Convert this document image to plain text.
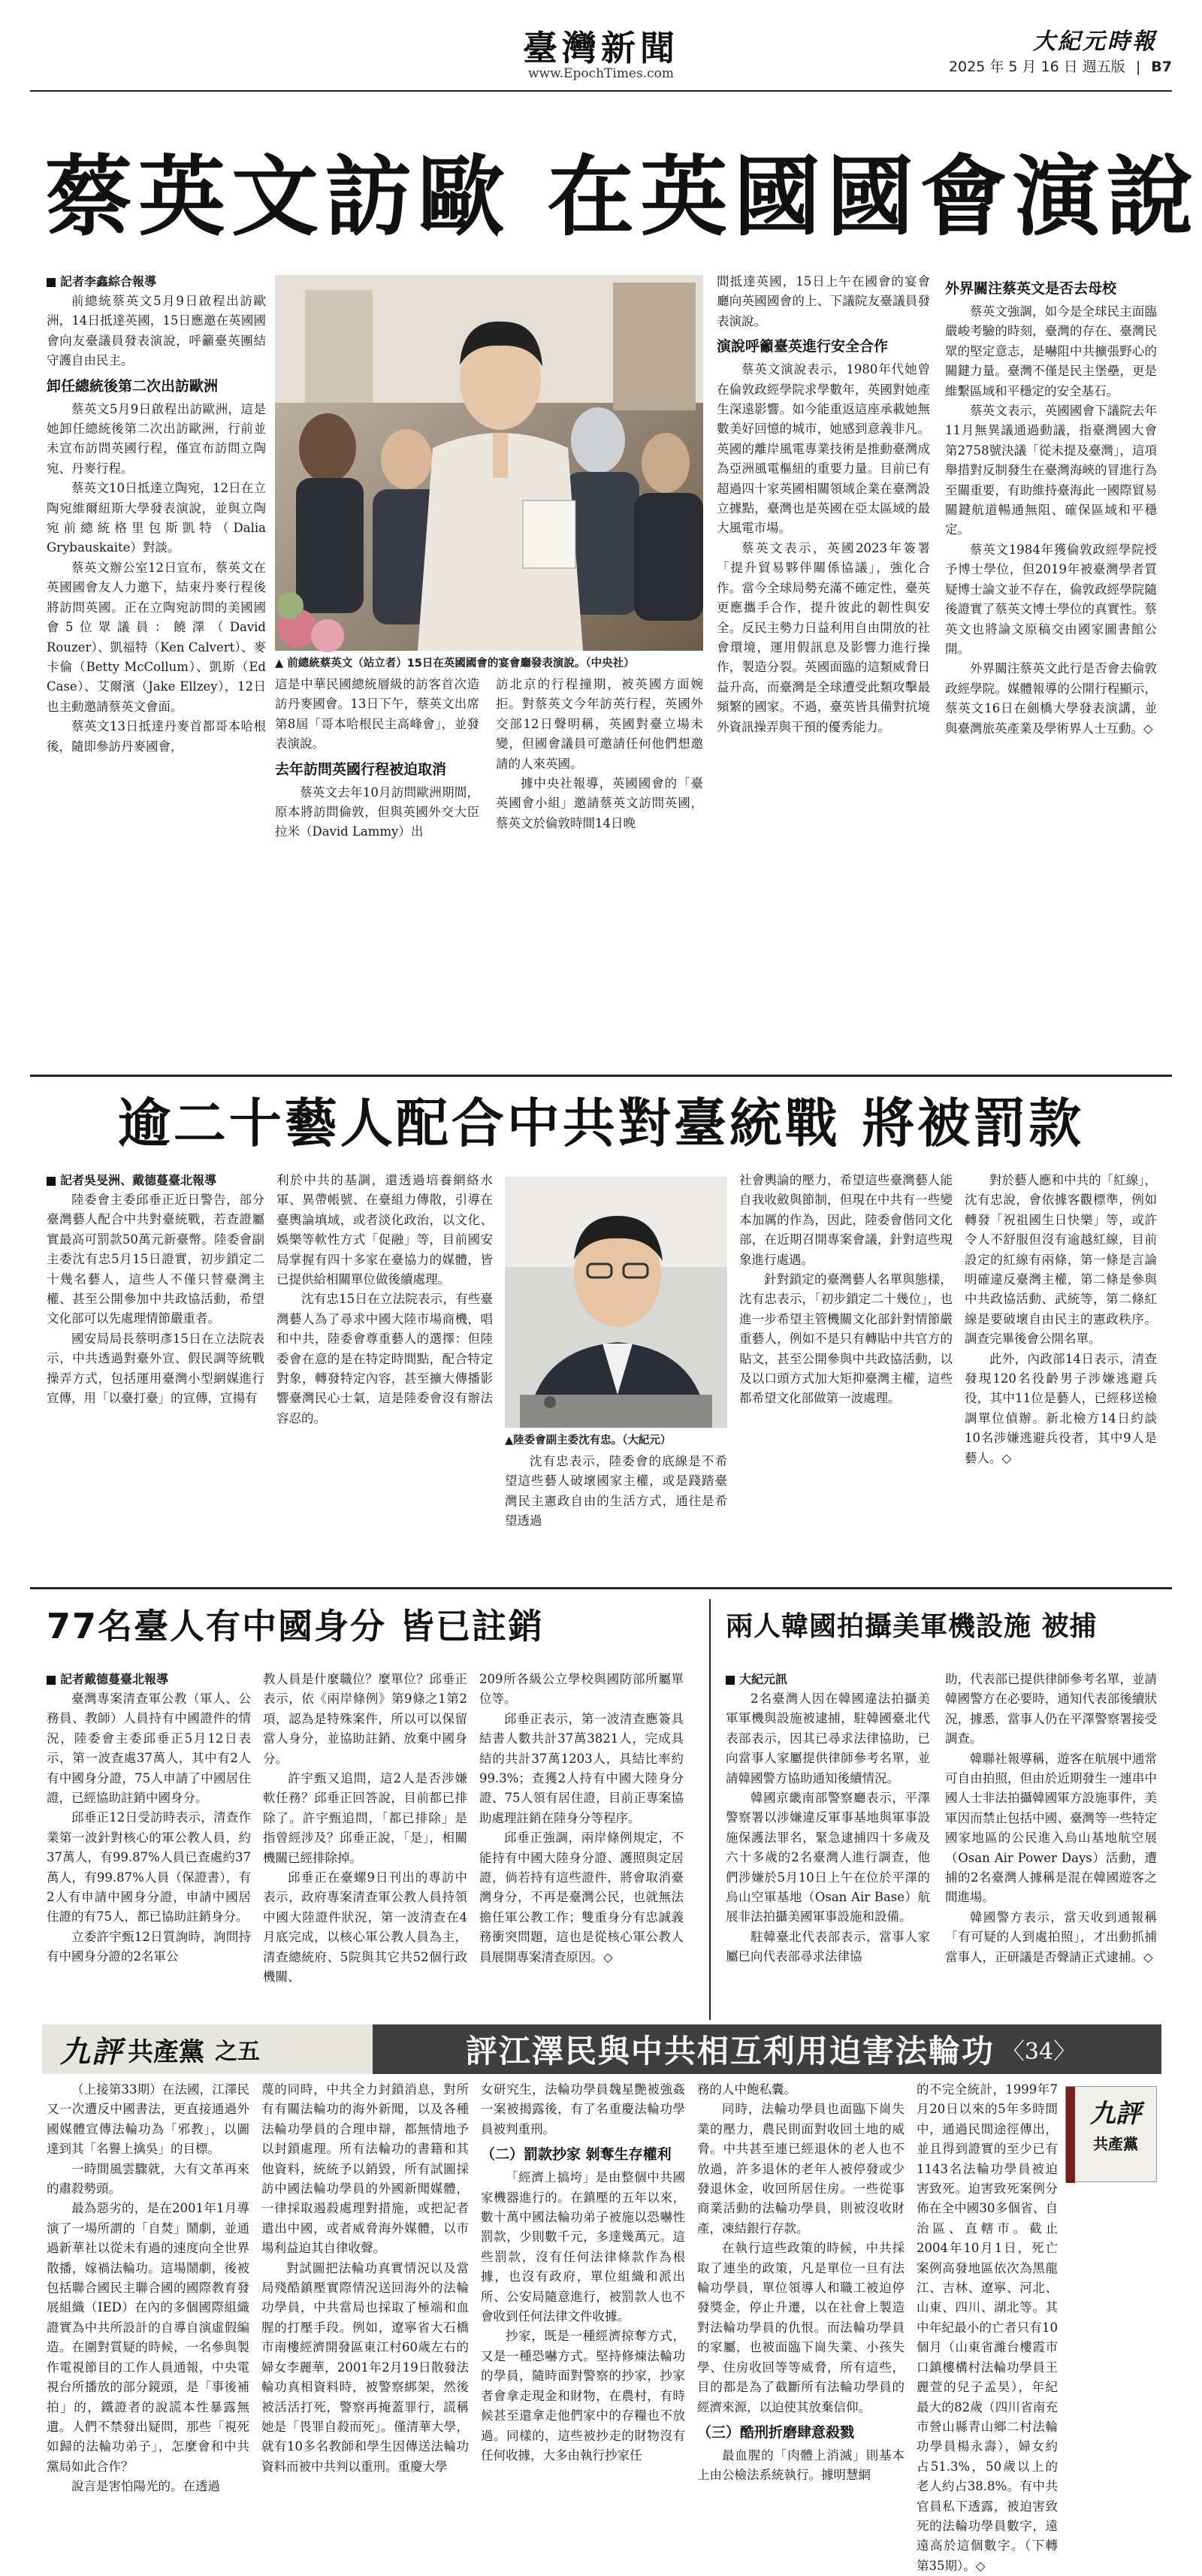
臺灣新聞
www.EpochTimes.com
大紀元時報
2025 年 5 月 16 日 週五版 | B7
蔡英文訪歐 在英國國會演說
記者李鑫綜合報導

前總統蔡英文5月9日啟程出訪歐洲，14日抵達英國，15日應邀在英國國會向友臺議員發表演說，呼籲臺英團結守護自由民主。

卸任總統後第二次出訪歐洲

蔡英文5月9日啟程出訪歐洲，這是她卸任總統後第二次出訪歐洲，行前並未宣布訪問英國行程，僅宣布訪問立陶宛、丹麥行程。

蔡英文10日抵達立陶宛，12日在立陶宛維爾紐斯大學發表演說，並與立陶宛前總統格里包斯凱特（Dalia Grybauskaite）對談。

蔡英文辦公室12日宣布，蔡英文在英國國會友人力邀下，結束丹麥行程後將訪問英國。正在立陶宛訪問的美國國會5位眾議員：饒澤（David Rouzer）、凱福特（Ken Calvert）、麥卡倫（Betty McCollum）、凱斯（Ed Case）、艾爾濱（Jake Ellzey），12日也主動邀請蔡英文會面。

蔡英文13日抵達丹麥首都哥本哈根後，隨即參訪丹麥國會，

▲ 前總統蔡英文（站立者）15日在英國國會的宴會廳發表演說。（中央社）

這是中華民國總統層級的訪客首次造訪丹麥國會。13日下午，蔡英文出席第8屆「哥本哈根民主高峰會」，並發表演說。

去年訪問英國行程被迫取消

蔡英文去年10月訪問歐洲期間，原本將訪問倫敦，但與英國外交大臣拉米（David Lammy）出

訪北京的行程撞期，被英國方面婉拒。對蔡英文今年訪英行程，英國外交部12日聲明稱，英國對臺立場未變，但國會議員可邀請任何他們想邀請的人來英國。

據中央社報導，英國國會的「臺英國會小組」邀請蔡英文訪問英國，蔡英文於倫敦時間14日晚

間抵達英國，15日上午在國會的宴會廳向英國國會的上、下議院友臺議員發表演說。

演說呼籲臺英進行安全合作

蔡英文演說表示，1980年代她曾在倫敦政經學院求學數年，英國對她產生深遠影響。如今能重返這座承載她無數美好回憶的城市，她感到意義非凡。英國的離岸風電專業技術是推動臺灣成為亞洲風電樞紐的重要力量。目前已有超過四十家英國相關領域企業在臺灣設立據點，臺灣也是英國在亞太區域的最大風電市場。

蔡英文表示，英國2023年簽署「提升貿易夥伴關係協議」，強化合作。當今全球局勢充滿不確定性，臺英更應攜手合作，提升彼此的韌性與安全。反民主勢力日益利用自由開放的社會環境，運用假訊息及影響力進行操作，製造分裂。英國面臨的這類威脅日益升高，而臺灣是全球遭受此類攻擊最頻繁的國家。不過，臺英皆具備對抗境外資訊操弄與干預的優秀能力。

外界關注蔡英文是否去母校

蔡英文強調，如今是全球民主面臨嚴峻考驗的時刻，臺灣的存在、臺灣民眾的堅定意志，是嚇阻中共擴張野心的關鍵力量。臺灣不僅是民主堡壘，更是維繫區域和平穩定的安全基石。

蔡英文表示，英國國會下議院去年11月無異議通過動議，指臺灣國大會第2758號決議「從未提及臺灣」，這項舉措對反制發生在臺灣海峽的冒進行為至關重要，有助維持臺海此一國際貿易關鍵航道暢通無阻、確保區域和平穩定。

蔡英文1984年獲倫敦政經學院授予博士學位，但2019年被臺灣學者質疑博士論文並不存在，倫敦政經學院隨後證實了蔡英文博士學位的真實性。蔡英文也將論文原稿交由國家圖書館公開。

外界關注蔡英文此行是否會去倫敦政經學院。媒體報導的公開行程顯示，蔡英文16日在劍橋大學發表演講，並與臺灣旅英產業及學術界人士互動。◇

逾二十藝人配合中共對臺統戰 將被罰款
記者吳旻洲、戴德蔓臺北報導

陸委會主委邱垂正近日警告，部分臺灣藝人配合中共對臺統戰，若查證屬實最高可罰款50萬元新臺幣。陸委會副主委沈有忠5月15日證實，初步鎖定二十幾名藝人，這些人不僅只替臺灣主權、甚至公開參加中共政協活動，希望文化部可以先處理情節嚴重者。

國安局局長蔡明彥15日在立法院表示，中共透過對臺外宣、假民調等統戰操弄方式，包括運用臺灣小型網媒進行宣傳，用「以臺打臺」的宣傳，宣揚有

利於中共的基調，還透過培養網絡水軍、異帶帳號、在臺組力傳散，引導在臺輿論填域，或者淡化政治，以文化、娛樂等軟性方式「促融」等，目前國安局掌握有四十多家在臺協力的媒體，皆已提供給相關單位做後續處理。

沈有忠15日在立法院表示，有些臺灣藝人為了尋求中國大陸市場商機，唱和中共，陸委會尊重藝人的選擇：但陸委會在意的是在特定時間點，配合特定對象，轉發特定內容，甚至擴大傳播影響臺灣民心士氣，這是陸委會沒有辦法容忍的。

▲陸委會副主委沈有忠。（大紀元）

沈有忠表示，陸委會的底線是不希望這些藝人破壞國家主權，或是踐踏臺灣民主憲政自由的生活方式，通往是希望透過

社會輿論的壓力，希望這些臺灣藝人能自我收斂與節制，但現在中共有一些變本加厲的作為，因此，陸委會偕同文化部，在近期召開專案會議，針對這些現象進行處遇。

針對鎖定的臺灣藝人名單與態樣，沈有忠表示，「初步鎖定二十幾位」，也進一步希望主管機關文化部針對情節嚴重藝人，例如不是只有轉貼中共官方的貼文，甚至公開參與中共政協活動，以及以口頭方式加大矩抑臺灣主權，這些都希望文化部做第一波處理。

對於藝人應和中共的「紅線」，沈有忠說，會依據客觀標準，例如轉發「祝祖國生日快樂」等，或許令人不舒服但沒有逾越紅線，目前設定的紅線有兩條，第一條是言論明確違反臺灣主權，第二條是參與中共政協活動、武統等，第二條紅線是要破壞自由民主的憲政秩序。調查完畢後會公開名單。

此外，內政部14日表示，清查發現120名役齡男子涉嫌逃避兵役，其中11位是藝人，已經移送檢調單位偵辦。新北檢方14日約談10名涉嫌逃避兵役者，其中9人是藝人。◇

77名臺人有中國身分 皆已註銷
記者戴德蔓臺北報導

臺灣專案清查軍公教（軍人、公務員、教師）人員持有中國證件的情況，陸委會主委邱垂正5月12日表示，第一波查處37萬人，其中有2人有中國身分證，75人申請了中國居住證，已經協助註銷中國身分。

邱垂正12日受訪時表示，清查作業第一波針對核心的軍公教人員，約37萬人，有99.87%人員已查處約37萬人，有99.87%人員（保證書），有2人有申請中國身分證，申請中國居住證的有75人，都已協助註銷身分。

立委許宇甄12日質詢時，詢問持有中國身分證的2名軍公

教人員是什麼職位？麼單位？邱垂正表示，依《兩岸條例》第9條之1第2項，認為是特殊案件，所以可以保留當人身分，並協助註銷、放棄中國身分。

許宇甄又追問，這2人是否涉嫌軟任務？邱垂正回答說，目前都已排除了。許宇甄追問，「都已排除」是指曾經涉及？邱垂正說，「是」，相關機關已經排除掉。

邱垂正在臺螺9日刊出的專訪中表示，政府專案清查軍公教人員持領中國大陸證件狀況，第一波清查在4月底完成，以核心軍公教人員為主，清查總統府、5院與其它共52個行政機關、

209所各級公立學校與國防部所屬單位等。

邱垂正表示，第一波清查應簽具結書人數共計37萬3821人，完成具結的共計37萬1203人，具結比率約99.3%；查獲2人持有中國大陸身分證、75人領有居住證，目前正專案協助處理註銷在陸身分等程序。

邱垂正強調，兩岸條例規定，不能持有中國大陸身分證、護照與定居證，倘若持有這些證件，將會取消臺灣身分，不再是臺灣公民，也就無法擔任軍公教工作；雙重身分有忠誠義務衝突問題，這也是從核心軍公教人員展開專案清查原因。◇

兩人韓國拍攝美軍機設施 被捕
大紀元訊

2名臺灣人因在韓國違法拍攝美軍軍機與設施被逮捕，駐韓國臺北代表部表示，因其已尋求法律協助，已向當事人家屬提供律師參考名單，並請韓國警方協助通知後續情況。

韓國京畿南部警察廳表示，平澤警察署以涉嫌違反軍事基地與軍事設施保護法罪名，緊急逮捕四十多歲及六十多歲的2名臺灣人進行調查，他們涉嫌於5月10日上午在位於平澤的烏山空軍基地（Osan Air Base）航展非法拍攝美國軍事設施和設備。

駐韓臺北代表部表示，當事人家屬已向代表部尋求法律協

助，代表部已提供律師參考名單，並請韓國警方在必要時，通知代表部後續狀況，據悉，當事人仍在平澤警察署接受調查。

韓聯社報導稱，遊客在航展中通常可自由拍照，但由於近期發生一連串中國人士非法拍攝韓國軍方設施事件，美軍因而禁止包括中國、臺灣等一些特定國家地區的公民進入烏山基地航空展（Osan Air Power Days）活動，遭捕的2名臺灣人據稱是混在韓國遊客之間進場。

韓國警方表示，當天收到通報稱「有可疑的人到處拍照」，才出動抓捕當事人，正研議是否聲請正式逮捕。◇

九評 共產黨 之五	評江澤民與中共相互利用迫害法輪功 〈34〉

（上接第33期）在法國，江澤民又一次遭反中國書法，更直接通過外國媒體宣傳法輪功為「邪教」，以圖達到其「名譽上擒吳」的目標。

一時間風雲驟就，大有文革再來的肅殺勢頭。

最為惡劣的，是在2001年1月導演了一場所謂的「自焚」鬧劇，並通過新華社以從未有過的速度向全世界散播，嫁禍法輪功。這場鬧劇，後被包括聯合國民主聯合國的國際教育發展組織（IED）在內的多個國際組織證實為中共所設計的自導自演虛假編造。在圍對質疑的時候，一名參與製作電視節目的工作人員通報，中央電視台所播放的部分鏡頭，是「事後補拍」的，鐵證者的說謊本性暴露無遺。人們不禁發出疑問，那些「視死如歸的法輪功弟子」，怎麼會和中共黨局如此合作？

說言是害怕陽光的。在透過

蔑的同時，中共全力封鎖消息，對所有有關法輪功的海外新聞，以及各種法輪功學員的合理申辯，都無情地予以封鎖處理。所有法輪功的書籍和其他資料，統統予以銷毀，所有試圖採訪中國法輪功學員的外國新聞媒體，一律採取遏殺處理對措施，或把記者遣出中國，或者威脅海外媒體，以市場利益迫其自律收聲。

對試圖把法輪功真實情況以及當局殘酷鎮壓實際情況送回海外的法輪功學員，中共當局也採取了極端和血腥的打壓手段。例如，遼寧省大石橋市南樓經濟開發區東江村60歲左右的婦女李麗華，2001年2月19日散發法輪功真相資料時，被警察綁架，然後被活活打死，警察再掩蓋罪行，謊稱她是「畏罪自殺而死」。僅清華大學，就有10多名教師和學生因傳送法輪功資料而被中共判以重刑。重慶大學

女研究生，法輪功學員魏星艷被強姦一案被揭露後，有了名重慶法輪功學員被判重刑。

（二）罰款抄家 剝奪生存權利

「經濟上搞垮」是由整個中共國家機器進行的。在鎮壓的五年以來，數十萬中國法輪功弟子被施以恐嚇性罰款，少則數千元，多達幾萬元。這些罰款，沒有任何法律條款作為根據，也沒有政府，單位組織和派出所、公安局隨意進行，被罰款人也不會收到任何法律文件收據。

抄家，既是一種經濟掠奪方式，又是一種恐嚇方式。堅持修煉法輪功的學員，隨時面對警察的抄家，抄家者會拿走現金和財物，在農村，有時候甚至還拿走他們家中的存糧也不放過。同樣的，這些被抄走的財物沒有任何收據，大多由執行抄家任

務的人中飽私囊。

同時，法輪功學員也面臨下崗失業的壓力，農民則面對收回土地的威脅。中共甚至連已經退休的老人也不放過，許多退休的老年人被停發或少發退休金，收回所居住房。一些從事商業活動的法輪功學員，則被沒收財產，凍結銀行存款。

在執行這些政策的時候，中共採取了連坐的政策，凡是單位一旦有法輪功學員，單位領導人和職工被迫停發獎金，停止升遷，以在社會上製造對法輪功學員的仇恨。而法輪功學員的家屬，也被面臨下崗失業、小孩失學、住房收回等等威脅，所有這些，目的都是為了截斷所有法輪功學員的經濟來源，以迫使其放棄信仰。

（三）酷刑折磨肆意殺戮

最血腥的「肉體上消滅」則基本上由公檢法系統執行。據明慧網

的不完全統計，1999年7月20日以來的5年多時間中，通過民間途徑傳出，並且得到證實的至少已有1143名法輪功學員被迫害致死。迫害致死案例分佈在全中國30多個省、自治區、直轄市。截止2004年10月1日，死亡案例高發地區依次為黑龍江、吉林、遼寧、河北、山東、四川、湖北等。其中年紀最小的亡者只有10個月（山東省濰台樓霞市口鎮樓構村法輪功學員王麗萱的兒子孟昊），年紀最大的82歲（四川省南充市營山縣青山鄉二村法輪功學員楊永壽），婦女約占51.3%，50歲以上的老人約占38.8%。有中共官員私下透露，被迫害致死的法輪功學員數字，遠遠高於這個數字。（下轉第35期）。◇

九評
共產黨
